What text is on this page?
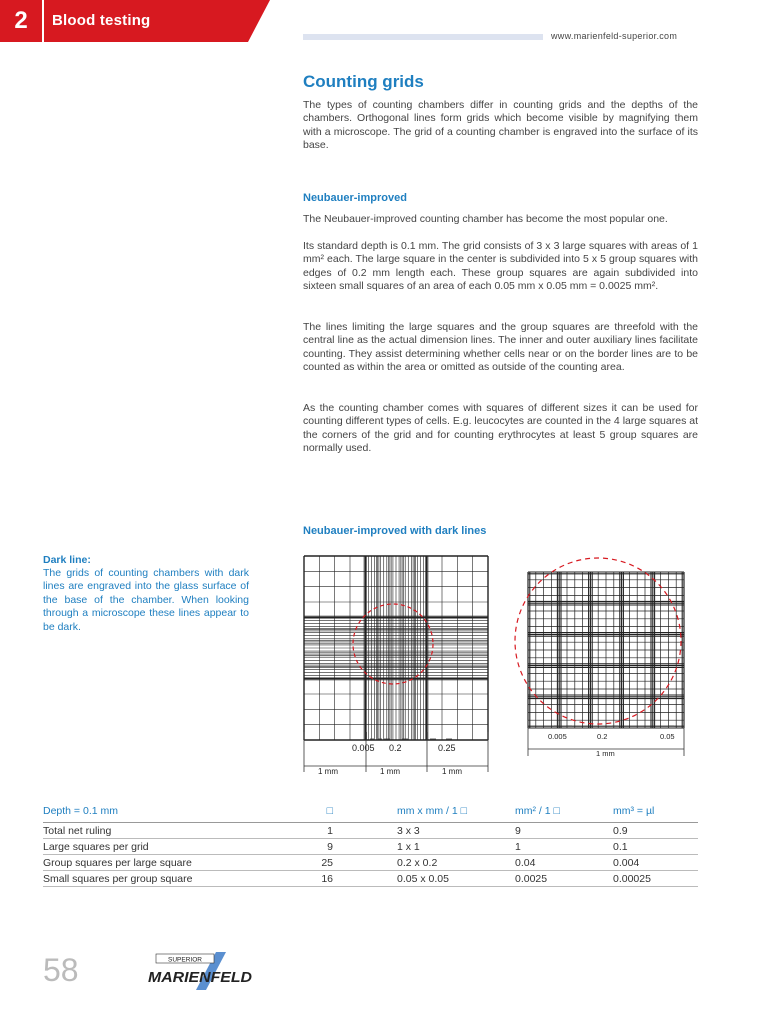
2	Blood testing
www.marienfeld-superior.com
Counting grids

The types of counting chambers differ in counting grids and the depths of the chambers. Orthogonal lines form grids which become visible by magnifying them with a microscope. The grid of a counting chamber is engraved into the surface of its base.

Neubauer-improved

The Neubauer-improved counting chamber has become the most popular one.

Its standard depth is 0.1 mm. The grid consists of 3 x 3 large squares with areas of 1 mm² each. The large square in the center is subdivided into 5 x 5 group squares with edges of 0.2 mm length each. These group squares are again subdivided into sixteen small squares of an area of each 0.05 mm x 0.05 mm = 0.0025 mm².

The lines limiting the large squares and the group squares are threefold with the central line as the actual dimension lines. The inner and outer auxiliary lines facilitate counting. They assist determining whether cells near or on the border lines are to be counted as within the area or omitted as outside of the counting area.

As the counting chamber comes with squares of different sizes it can be used for counting different types of cells. E.g. leucocytes are counted in the 4 large squares at the corners of the grid and for counting erythrocytes at least 5 group squares are normally used.

Neubauer-improved with dark lines
Dark line:

The grids of counting chambers with dark lines are engraved into the glass surface of the base of the chamber. When looking through a microscope these lines appear to be dark.

0.005 0.2	0.25
1 mm	1 mm	1 mm
0.005	0.2	0.05
1 mm
Depth = 0.1 mm	□	mm x mm / 1 □	mm² / 1 □	mm³ = µl
Total net ruling	1	3 x 3	9	0.9
Large squares per grid	9	1 x 1	1	0.1
Group squares per large square	25	0.2 x 0.2	0.04	0.004
Small squares per group square	16	0.05 x 0.05	0.0025	0.00025
58	SUPERIOR
MARIENFELD
